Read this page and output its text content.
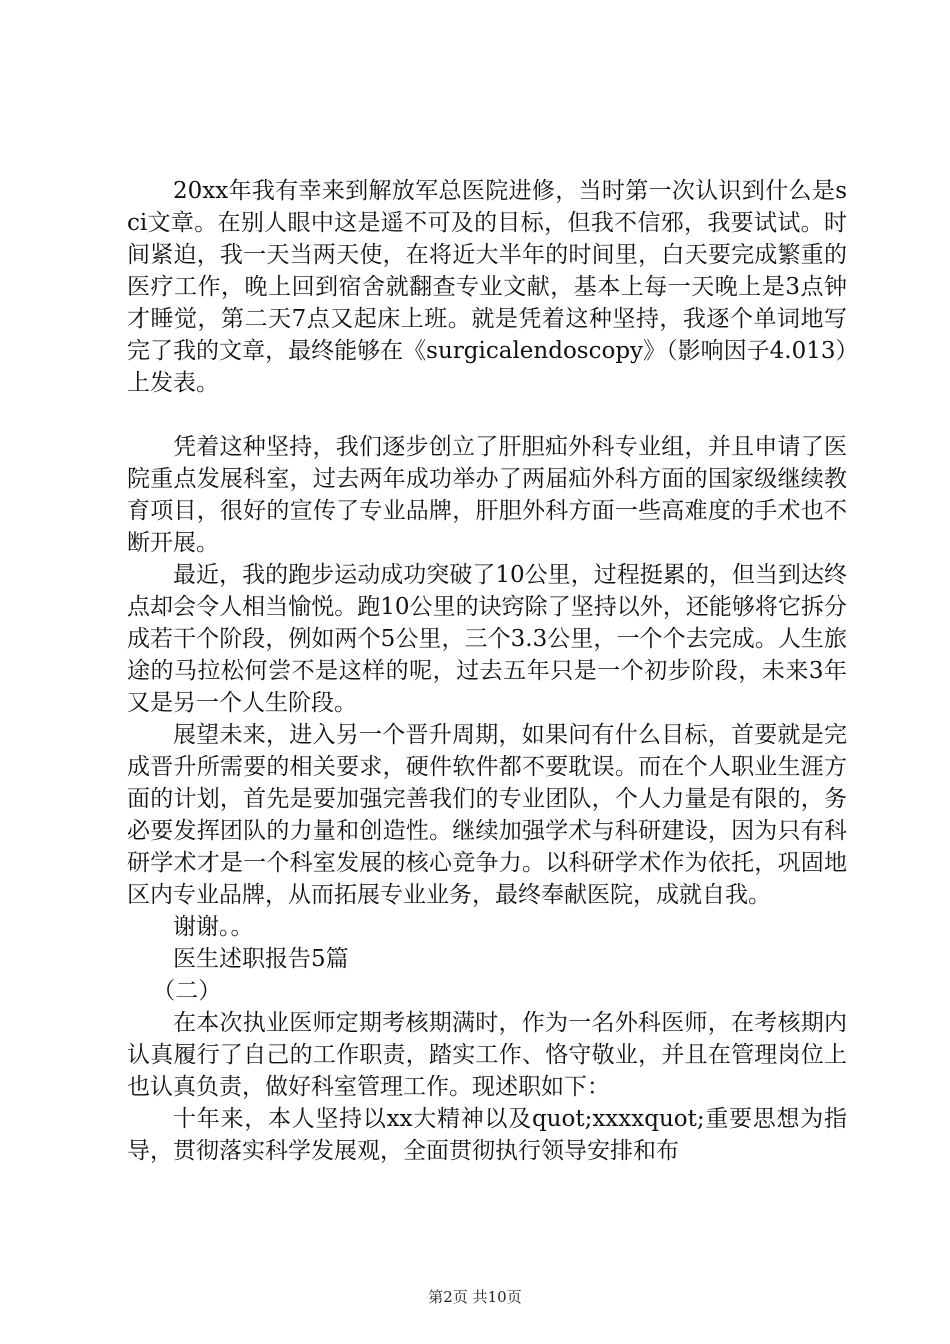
20xx年我有幸来到解放军总医院进修，当时第一次认识到什么是sci文章。在别人眼中这是遥不可及的目标，但我不信邪，我要试试。时间紧迫，我一天当两天使，在将近大半年的时间里，白天要完成繁重的医疗工作，晚上回到宿舍就翻查专业文献，基本上每一天晚上是3点钟才睡觉，第二天7点又起床上班。就是凭着这种坚持，我逐个单词地写完了我的文章，最终能够在《surgicalendoscopy》（影响因子4.013）上发表。

凭着这种坚持，我们逐步创立了肝胆疝外科专业组，并且申请了医院重点发展科室，过去两年成功举办了两届疝外科方面的国家级继续教育项目，很好的宣传了专业品牌，肝胆外科方面一些高难度的手术也不断开展。

最近，我的跑步运动成功突破了10公里，过程挺累的，但当到达终点却会令人相当愉悦。跑10公里的诀窍除了坚持以外，还能够将它拆分成若干个阶段，例如两个5公里，三个3.3公里，一个个去完成。人生旅途的马拉松何尝不是这样的呢，过去五年只是一个初步阶段，未来3年又是另一个人生阶段。

展望未来，进入另一个晋升周期，如果问有什么目标，首要就是完成晋升所需要的相关要求，硬件软件都不要耽误。而在个人职业生涯方面的计划，首先是要加强完善我们的专业团队，个人力量是有限的，务必要发挥团队的力量和创造性。继续加强学术与科研建设，因为只有科研学术才是一个科室发展的核心竞争力。以科研学术作为依托，巩固地区内专业品牌，从而拓展专业业务，最终奉献医院，成就自我。

谢谢。。

医生述职报告5篇

（二）

在本次执业医师定期考核期满时，作为一名外科医师，在考核期内认真履行了自己的工作职责，踏实工作、恪守敬业，并且在管理岗位上也认真负责，做好科室管理工作。现述职如下：

十年来，本人坚持以xx大精神以及quot;xxxxquot;重要思想为指导，贯彻落实科学发展观，全面贯彻执行领导安排和布

第2页 共10页
